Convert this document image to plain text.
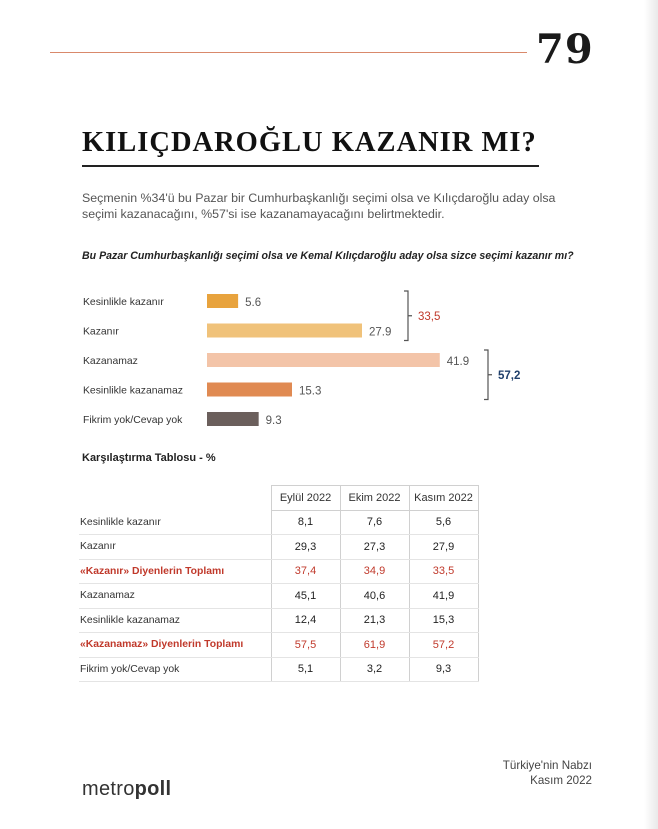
79
KILIÇDAROĞLU KAZANIR MI?
Seçmenin %34'ü bu Pazar bir Cumhurbaşkanlığı seçimi olsa ve Kılıçdaroğlu aday olsa seçimi kazanacağını, %57'si ise kazanamayacağını belirtmektedir.
Bu Pazar Cumhurbaşkanlığı seçimi olsa ve Kemal Kılıçdaroğlu aday olsa sizce seçimi kazanır mı?
Kesinlikle kazanır	5.6
Kazanır	27.9
Kazanamaz	41.9
Kesinlikle kazanamaz	15.3
Fikrim yok/Cevap yok	9.3
33,5
57,2
Karşılaştırma Tablosu - %
	Eylül 2022	Ekim 2022	Kasım 2022
Kesinlikle kazanır	8,1	7,6	5,6
Kazanır	29,3	27,3	27,9
«Kazanır» Diyenlerin Toplamı	37,4	34,9	33,5
Kazanamaz	45,1	40,6	41,9
Kesinlikle kazanamaz	12,4	21,3	15,3
«Kazanamaz» Diyenlerin Toplamı	57,5	61,9	57,2
Fikrim yok/Cevap yok	5,1	3,2	9,3
Türkiye'nin Nabzı
Kasım 2022
metropoll
